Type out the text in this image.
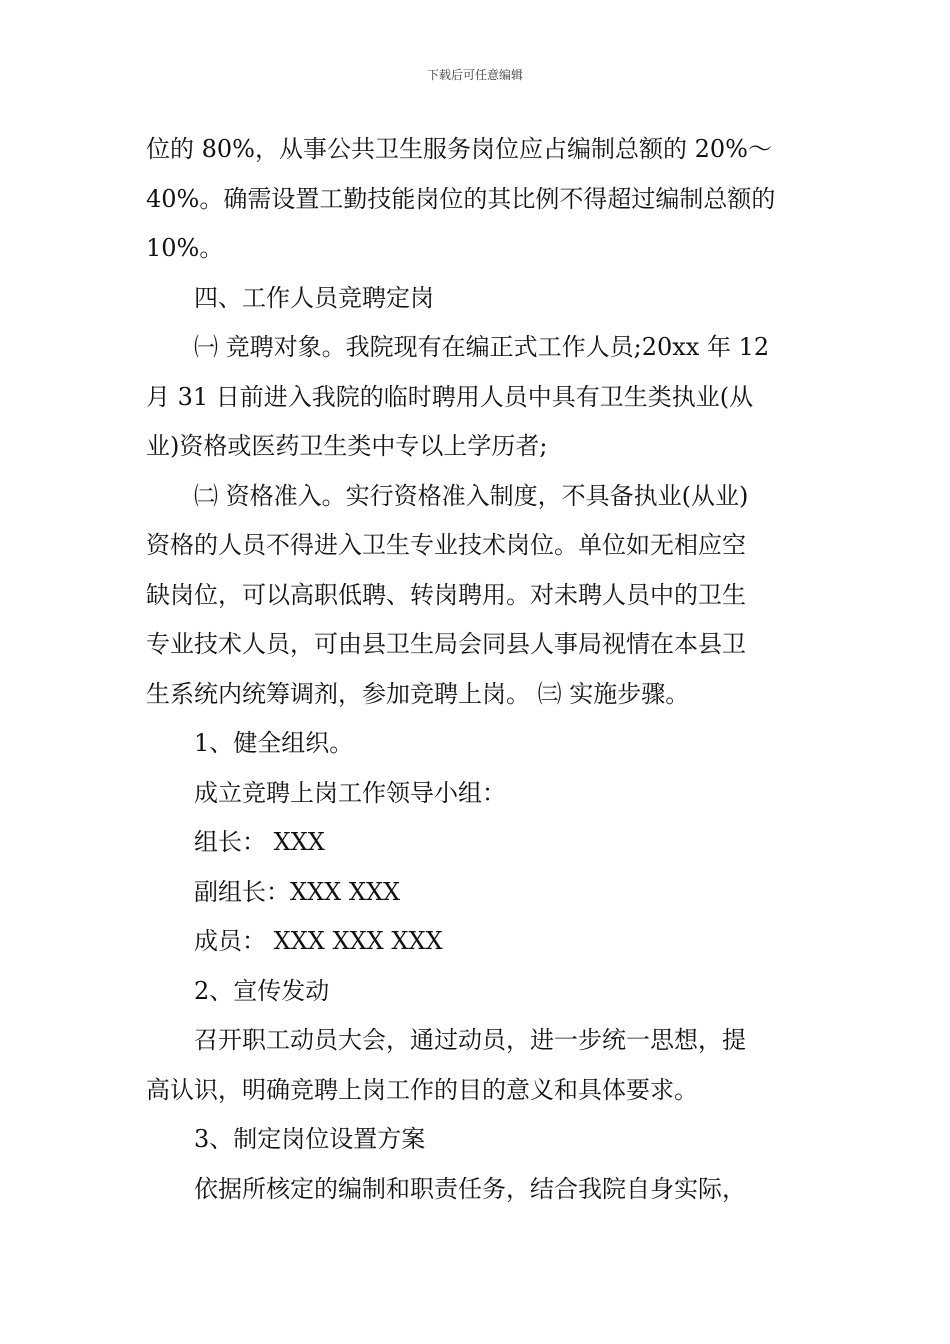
下载后可任意编辑
位的 80%，从事公共卫生服务岗位应占编制总额的 20%～
40%。确需设置工勤技能岗位的其比例不得超过编制总额的
10%。
四、工作人员竞聘定岗
㈠ 竞聘对象。我院现有在编正式工作人员;20xx 年 12
月 31 日前进入我院的临时聘用人员中具有卫生类执业(从
业)资格或医药卫生类中专以上学历者;
㈡ 资格准入。实行资格准入制度，不具备执业(从业)
资格的人员不得进入卫生专业技术岗位。单位如无相应空
缺岗位，可以高职低聘、转岗聘用。对未聘人员中的卫生
专业技术人员，可由县卫生局会同县人事局视情在本县卫
生系统内统筹调剂，参加竞聘上岗。 ㈢ 实施步骤。
1、健全组织。
成立竞聘上岗工作领导小组：
组长： XXX
副组长：XXX XXX
成员： XXX XXX XXX
2、宣传发动
召开职工动员大会，通过动员，进一步统一思想，提
高认识，明确竞聘上岗工作的目的意义和具体要求。
3、制定岗位设置方案
依据所核定的编制和职责任务，结合我院自身实际，
